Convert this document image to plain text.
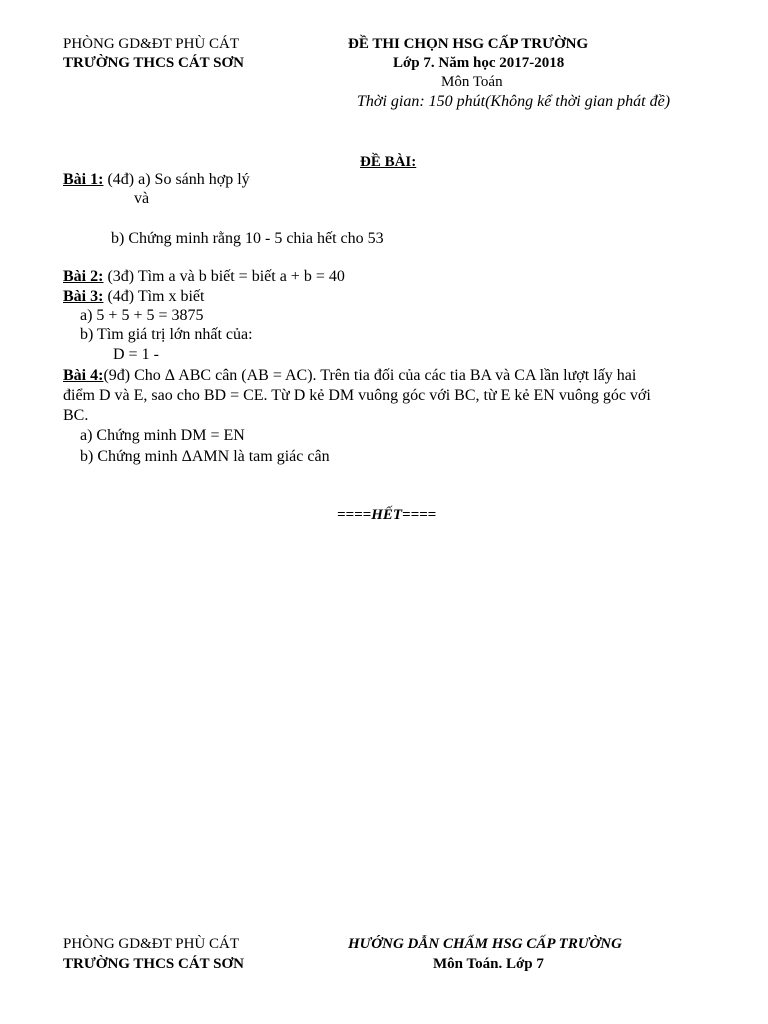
PHÒNG GD&ĐT PHÙ CÁT
TRƯỜNG THCS CÁT SƠN
ĐỀ THI CHỌN HSG CẤP TRƯỜNG
Lớp 7. Năm học 2017-2018
Môn Toán
Thời gian: 150 phút(Không kể thời gian phát đề)
ĐỀ BÀI:
Bài 1: (4đ) a) So sánh hợp lý
và
b) Chứng minh rằng 10 - 5 chia hết cho 53
Bài 2: (3đ) Tìm a và b biết = biết a + b = 40
Bài 3: (4đ) Tìm x biết
a) 5 + 5 + 5 = 3875
b) Tìm giá trị lớn nhất của:
D = 1 -
Bài 4:(9đ) Cho Δ ABC cân (AB = AC). Trên tia đối của các tia BA và CA lần lượt lấy hai
điểm D và E, sao cho BD = CE. Từ D kẻ DM vuông góc với BC, từ E kẻ EN vuông góc với
BC.
a) Chứng minh DM = EN
b) Chứng minh ΔAMN là tam giác cân
====HẾT====
PHÒNG GD&ĐT PHÙ CÁT
TRƯỜNG THCS CÁT SƠN
HƯỚNG DẪN CHẤM HSG CẤP TRƯỜNG
Môn Toán. Lớp 7
